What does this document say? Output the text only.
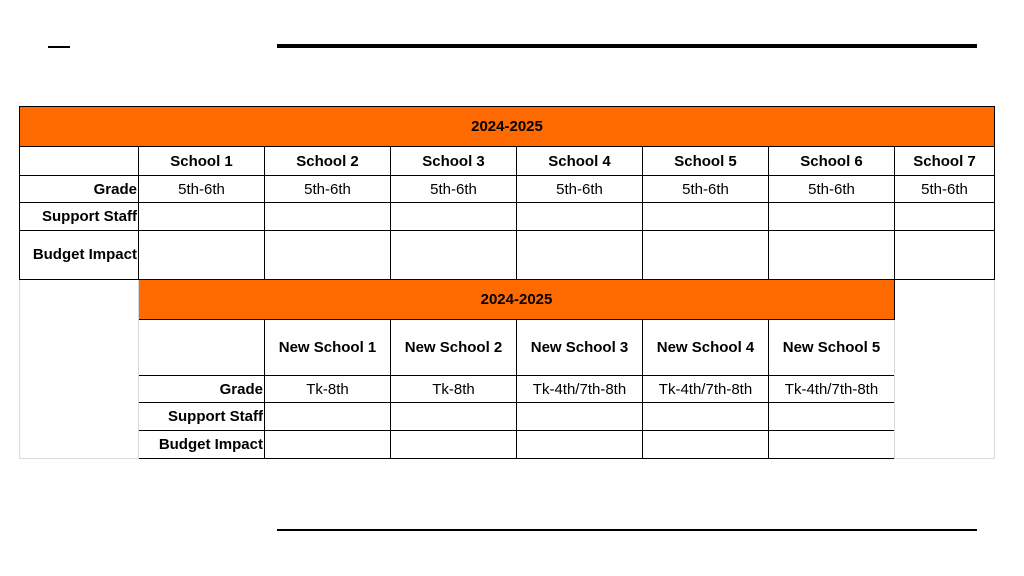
2024-2025							
	School 1	School 2	School 3	School 4	School 5	School 6	School 7
Grade	5th-6th	5th-6th	5th-6th	5th-6th	5th-6th	5th-6th	5th-6th
Support Staff							
Budget Impact							
	2024-2025						
		New School 1	New School 2	New School 3	New School 4	New School 5	
	Grade	Tk-8th	Tk-8th	Tk-4th/7th-8th	Tk-4th/7th-8th	Tk-4th/7th-8th	
	Support Staff						
	Budget Impact						
